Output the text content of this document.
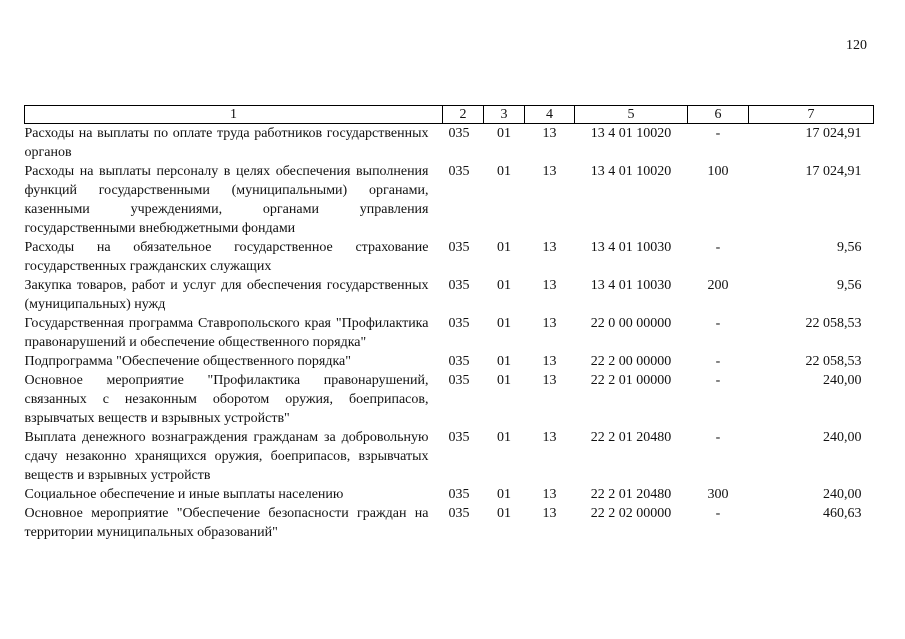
120
1	2	3	4	5	6	7
Расходы на выплаты по оплате труда работников государственных органов	035	01	13	13 4 01 10020	-	17 024,91
Расходы на выплаты персоналу в целях обеспечения выполнения функций государственными (муниципальными) органами, казенными учреждениями, органами управления государственными внебюджетными фондами	035	01	13	13 4 01 10020	100	17 024,91
Расходы на обязательное государственное страхование государственных гражданских служащих	035	01	13	13 4 01 10030	-	9,56
Закупка товаров, работ и услуг для обеспечения государственных (муниципальных) нужд	035	01	13	13 4 01 10030	200	9,56
Государственная программа Ставропольского края "Профилактика правонарушений и обеспечение общественного порядка"	035	01	13	22 0 00 00000	-	22 058,53
Подпрограмма "Обеспечение общественного порядка"	035	01	13	22 2 00 00000	-	22 058,53
Основное мероприятие "Профилактика правонарушений, связанных с незаконным оборотом оружия, боеприпасов, взрывчатых веществ и взрывных устройств"	035	01	13	22 2 01 00000	-	240,00
Выплата денежного вознаграждения гражданам за добровольную сдачу незаконно хранящихся оружия, боеприпасов, взрывчатых веществ и взрывных устройств	035	01	13	22 2 01 20480	-	240,00
Социальное обеспечение и иные выплаты населению	035	01	13	22 2 01 20480	300	240,00
Основное мероприятие "Обеспечение безопасности граждан на территории муниципальных образований"	035	01	13	22 2 02 00000	-	460,63
